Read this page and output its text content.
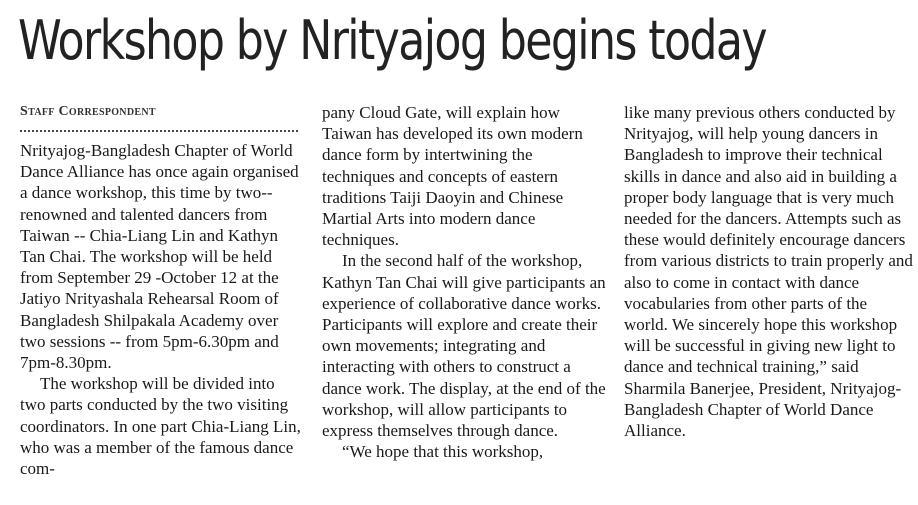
Workshop by Nrityajog begins today
Staff Correspondent

Nrityajog-Bangladesh Chapter of World Dance Alliance has once again organised a dance workshop, this time by two--renowned and talented dancers from Taiwan -- Chia-Liang Lin and Kathyn Tan Chai. The workshop will be held from September 29 -October 12 at the Jatiyo Nrityashala Rehearsal Room of Bangladesh Shilpakala Academy over two sessions -- from 5pm-6.30pm and 7pm-8.30pm.

The workshop will be divided into two parts conducted by the two visiting coordinators. In one part Chia-Liang Lin, who was a member of the famous dance com-

pany Cloud Gate, will explain how Taiwan has developed its own modern dance form by intertwining the techniques and concepts of eastern traditions Taiji Daoyin and Chinese Martial Arts into modern dance techniques.

In the second half of the workshop, Kathyn Tan Chai will give participants an experience of collaborative dance works. Participants will explore and create their own movements; integrating and interacting with others to construct a dance work. The display, at the end of the workshop, will allow participants to express themselves through dance.

“We hope that this workshop,

like many previous others conducted by Nrityajog, will help young dancers in Bangladesh to improve their technical skills in dance and also aid in building a proper body language that is very much needed for the dancers. Attempts such as these would definitely encourage dancers from various districts to train properly and also to come in contact with dance vocabularies from other parts of the world. We sincerely hope this workshop will be successful in giving new light to dance and technical training,” said Sharmila Banerjee, President, Nrityajog-Bangladesh Chapter of World Dance Alliance.
